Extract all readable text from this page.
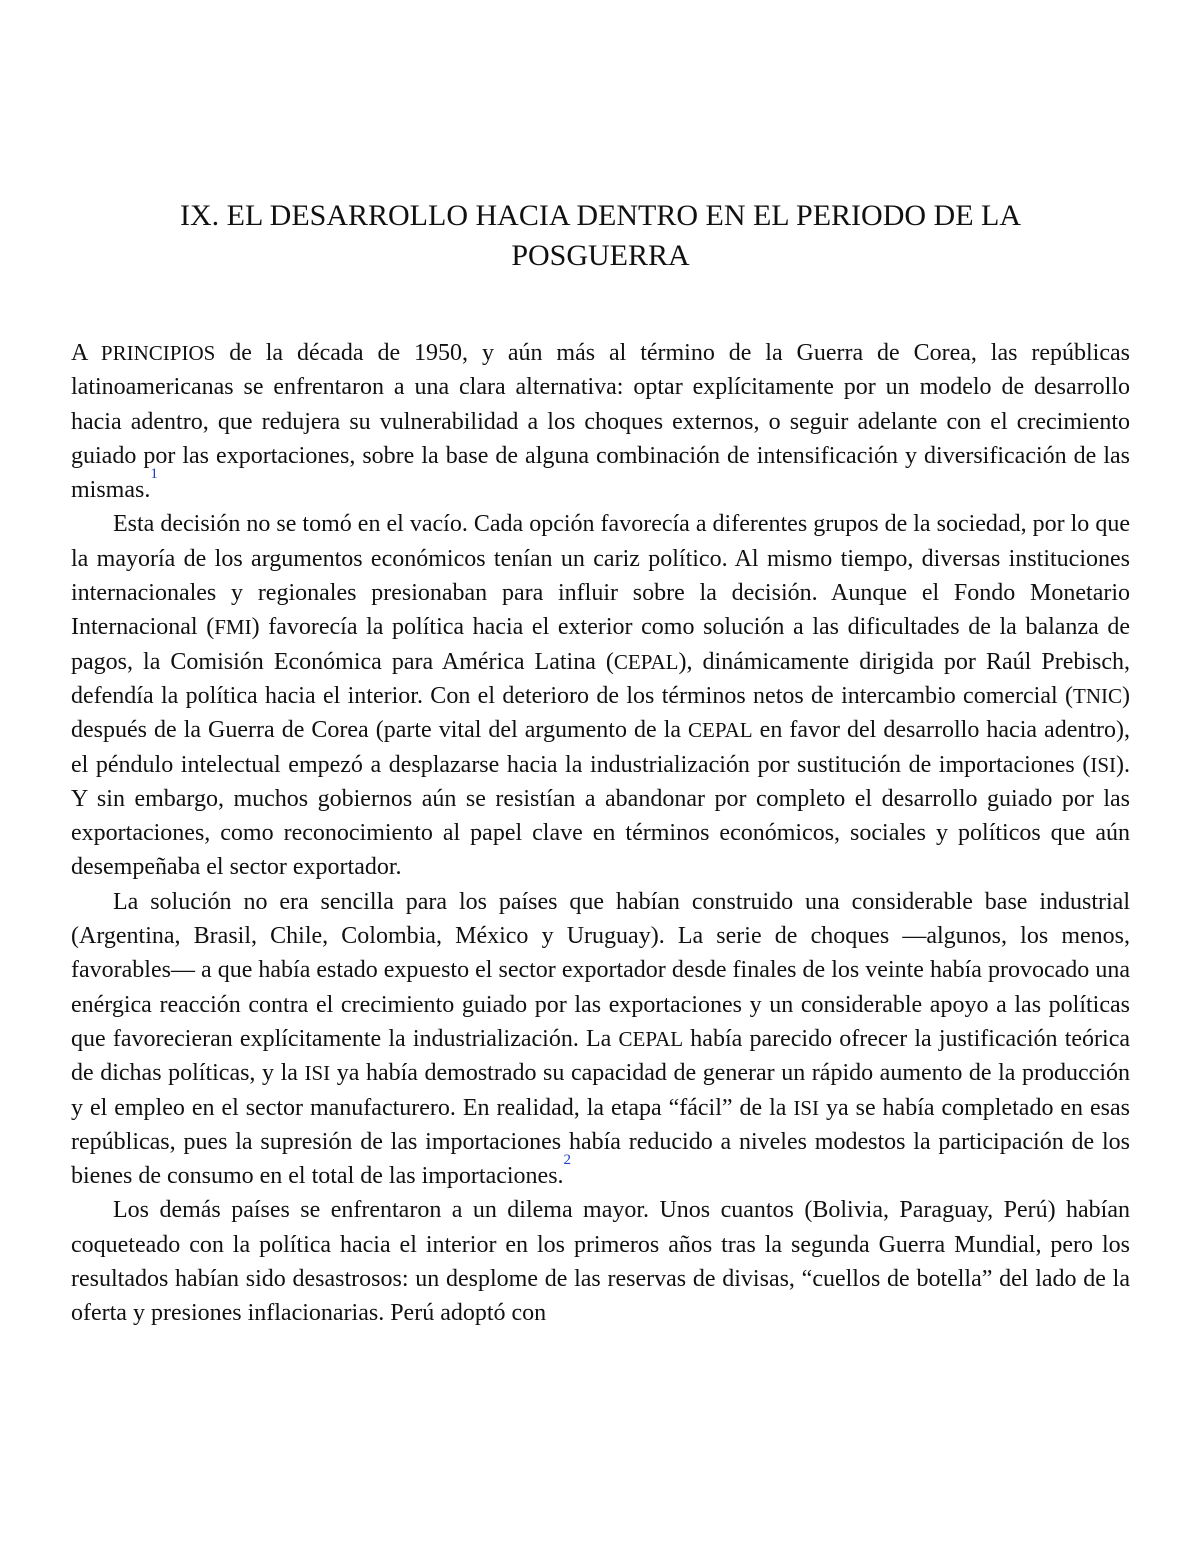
IX. EL DESARROLLO HACIA DENTRO EN EL PERIODO DE LA
POSGUERRA

A PRINCIPIOS de la década de 1950, y aún más al término de la Guerra de Corea, las repúblicas latinoamericanas se enfrentaron a una clara alternativa: optar explícitamente por un modelo de desarrollo hacia adentro, que redujera su vulnerabilidad a los choques externos, o seguir adelante con el crecimiento guiado por las exportaciones, sobre la base de alguna combinación de intensificación y diversificación de las mismas.$^1$

Esta decisión no se tomó en el vacío. Cada opción favorecía a diferentes grupos de la sociedad, por lo que la mayoría de los argumentos económicos tenían un cariz político. Al mismo tiempo, diversas instituciones internacionales y regionales presionaban para influir sobre la decisión. Aunque el Fondo Monetario Internacional (FMI) favorecía la política hacia el exterior como solución a las dificultades de la balanza de pagos, la Comisión Económica para América Latina (CEPAL), dinámicamente dirigida por Raúl Prebisch, defendía la política hacia el interior. Con el deterioro de los términos netos de intercambio comercial (TNIC) después de la Guerra de Corea (parte vital del argumento de la CEPAL en favor del desarrollo hacia adentro), el péndulo intelectual empezó a desplazarse hacia la industrialización por sustitución de importaciones (ISI). Y sin embargo, muchos gobiernos aún se resistían a abandonar por completo el desarrollo guiado por las exportaciones, como reconocimiento al papel clave en términos económicos, sociales y políticos que aún desempeñaba el sector exportador.

La solución no era sencilla para los países que habían construido una considerable base industrial (Argentina, Brasil, Chile, Colombia, México y Uruguay). La serie de choques —algunos, los menos, favorables— a que había estado expuesto el sector exportador desde finales de los veinte había provocado una enérgica reacción contra el crecimiento guiado por las exportaciones y un considerable apoyo a las políticas que favorecieran explícitamente la industrialización. La CEPAL había parecido ofrecer la justificación teórica de dichas políticas, y la ISI ya había demostrado su capacidad de generar un rápido aumento de la producción y el empleo en el sector manufacturero. En realidad, la etapa “fácil” de la ISI ya se había completado en esas repúblicas, pues la supresión de las importaciones había reducido a niveles modestos la participación de los bienes de consumo en el total de las importaciones.$^2$

Los demás países se enfrentaron a un dilema mayor. Unos cuantos (Bolivia, Paraguay, Perú) habían coqueteado con la política hacia el interior en los primeros años tras la segunda Guerra Mundial, pero los resultados habían sido desastrosos: un desplome de las reservas de divisas, “cuellos de botella” del lado de la oferta y presiones inflacionarias. Perú adoptó con
